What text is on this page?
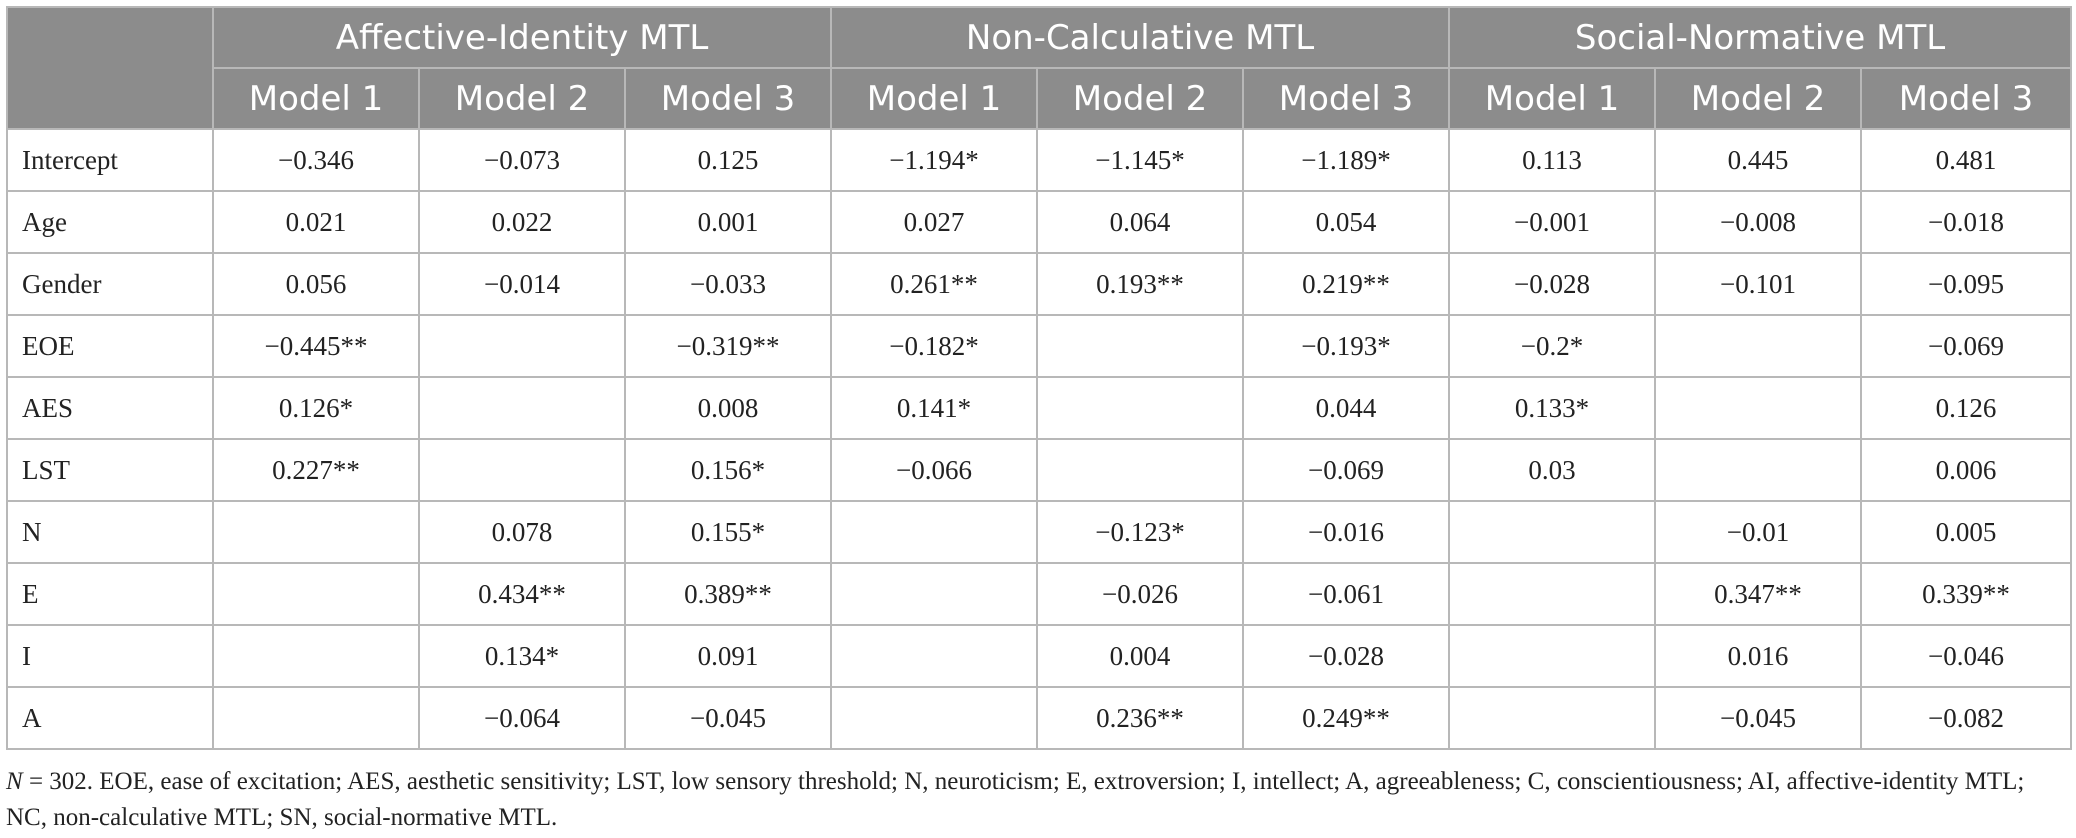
	Affective-Identity MTL			Non-Calculative MTL			Social-Normative MTL		
	Model 1	Model 2	Model 3	Model 1	Model 2	Model 3	Model 1	Model 2	Model 3
Intercept	−0.346	−0.073	0.125	−1.194*	−1.145*	−1.189*	0.113	0.445	0.481
Age	0.021	0.022	0.001	0.027	0.064	0.054	−0.001	−0.008	−0.018
Gender	0.056	−0.014	−0.033	0.261**	0.193**	0.219**	−0.028	−0.101	−0.095
EOE	−0.445**		−0.319**	−0.182*		−0.193*	−0.2*		−0.069
AES	0.126*		0.008	0.141*		0.044	0.133*		0.126
LST	0.227**		0.156*	−0.066		−0.069	0.03		0.006
N		0.078	0.155*		−0.123*	−0.016		−0.01	0.005
E		0.434**	0.389**		−0.026	−0.061		0.347**	0.339**
I		0.134*	0.091		0.004	−0.028		0.016	−0.046
A		−0.064	−0.045		0.236**	0.249**		−0.045	−0.082

N = 302. EOE, ease of excitation; AES, aesthetic sensitivity; LST, low sensory threshold; N, neuroticism; E, extroversion; I, intellect; A, agreeableness; C, conscientiousness; AI, affective-identity MTL; NC, non-calculative MTL; SN, social-normative MTL.
